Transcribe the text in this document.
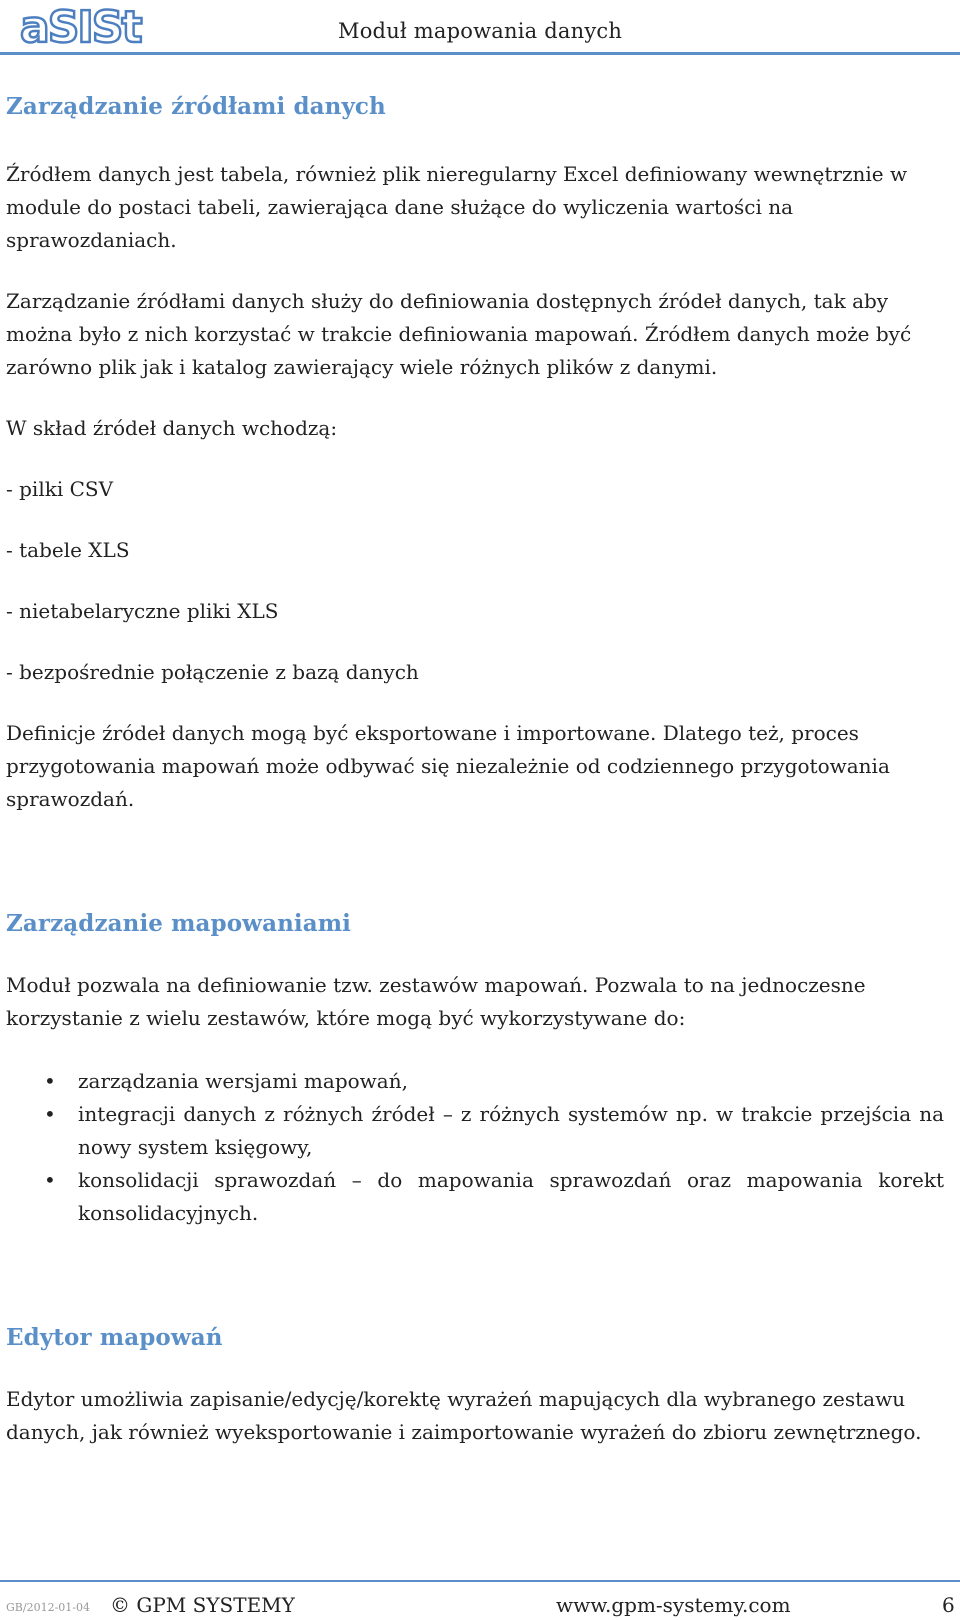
aSISt	Moduł mapowania danych
Zarządzanie źródłami danych

Źródłem danych jest tabela, również plik nieregularny Excel definiowany wewnętrznie w module do postaci tabeli, zawierająca dane służące do wyliczenia wartości na sprawozdaniach.

Zarządzanie źródłami danych służy do definiowania dostępnych źródeł danych, tak aby można było z nich korzystać w trakcie definiowania mapowań. Źródłem danych może być zarówno plik jak i katalog zawierający wiele różnych plików z danymi.

W skład źródeł danych wchodzą:

- pilki CSV

- tabele XLS

- nietabelaryczne pliki XLS

- bezpośrednie połączenie z bazą danych

Definicje źródeł danych mogą być eksportowane i importowane. Dlatego też, proces przygotowania mapowań może odbywać się niezależnie od codziennego przygotowania sprawozdań.

Zarządzanie mapowaniami

Moduł pozwala na definiowanie tzw. zestawów mapowań. Pozwala to na jednoczesne korzystanie z wielu zestawów, które mogą być wykorzystywane do:

• zarządzania wersjami mapowań,
• integracji danych z różnych źródeł – z różnych systemów np. w trakcie przejścia na nowy system księgowy,
• konsolidacji sprawozdań – do mapowania sprawozdań oraz mapowania korekt konsolidacyjnych.
Edytor mapowań

Edytor umożliwia zapisanie/edycję/korektę wyrażeń mapujących dla wybranego zestawu danych, jak również wyeksportowanie i zaimportowanie wyrażeń do zbioru zewnętrznego.

GB/2012-01-04 © GPM SYSTEMY	www.gpm-systemy.com	6
